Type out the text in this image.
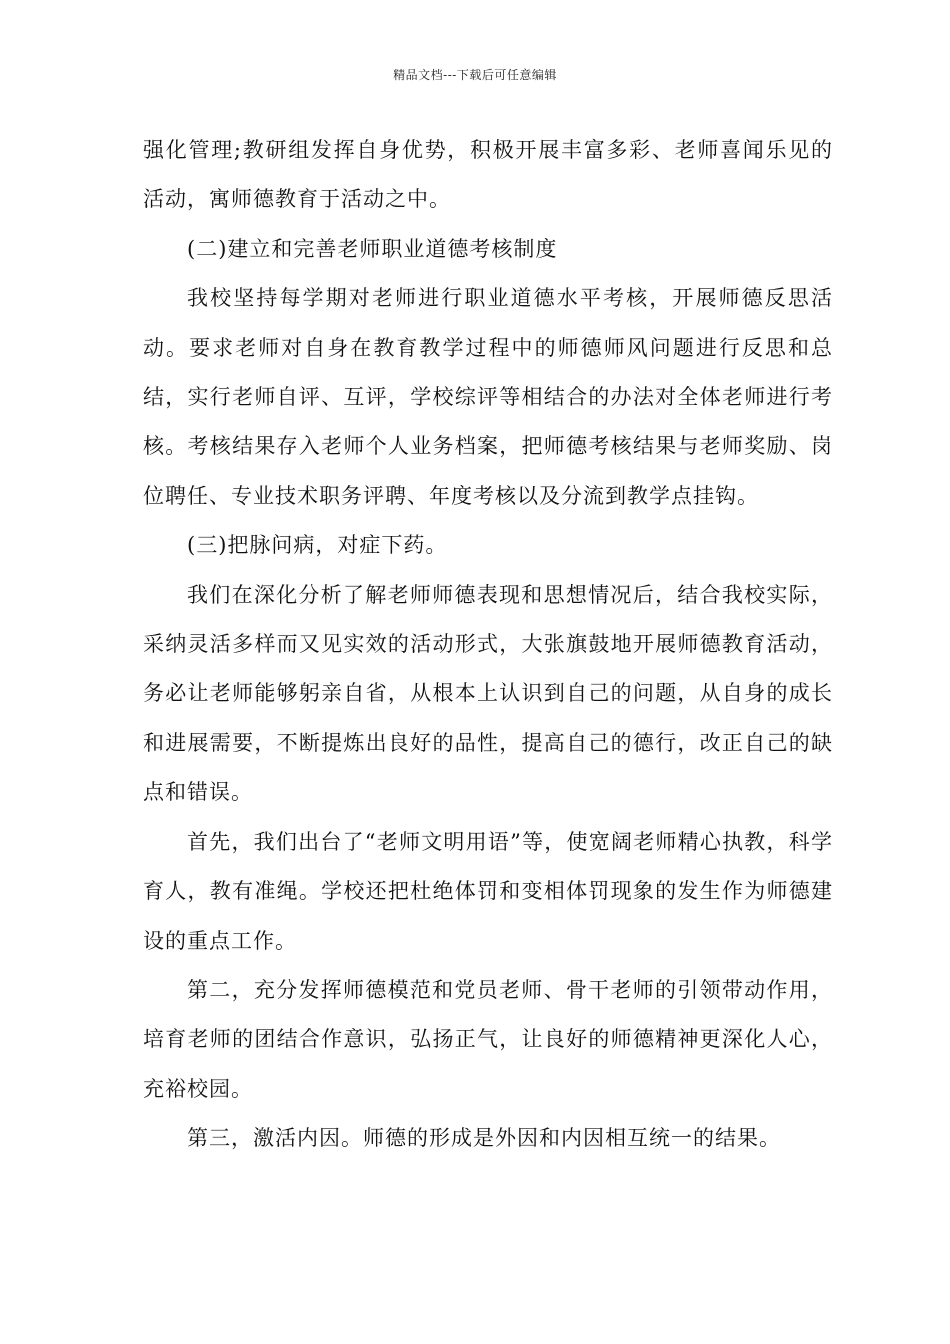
精品文档---下载后可任意编辑

强化管理;教研组发挥自身优势，积极开展丰富多彩、老师喜闻乐见的活动，寓师德教育于活动之中。

(二)建立和完善老师职业道德考核制度

我校坚持每学期对老师进行职业道德水平考核，开展师德反思活动。要求老师对自身在教育教学过程中的师德师风问题进行反思和总结，实行老师自评、互评，学校综评等相结合的办法对全体老师进行考核。考核结果存入老师个人业务档案，把师德考核结果与老师奖励、岗位聘任、专业技术职务评聘、年度考核以及分流到教学点挂钩。

(三)把脉问病，对症下药。

我们在深化分析了解老师师德表现和思想情况后，结合我校实际，采纳灵活多样而又见实效的活动形式，大张旗鼓地开展师德教育活动，务必让老师能够躬亲自省，从根本上认识到自己的问题，从自身的成长和进展需要，不断提炼出良好的品性，提高自己的德行，改正自己的缺点和错误。

首先，我们出台了“老师文明用语”等，使宽阔老师精心执教，科学育人，教有准绳。学校还把杜绝体罚和变相体罚现象的发生作为师德建设的重点工作。

第二，充分发挥师德模范和党员老师、骨干老师的引领带动作用，培育老师的团结合作意识，弘扬正气，让良好的师德精神更深化人心，充裕校园。

第三，激活内因。师德的形成是外因和内因相互统一的结果。
